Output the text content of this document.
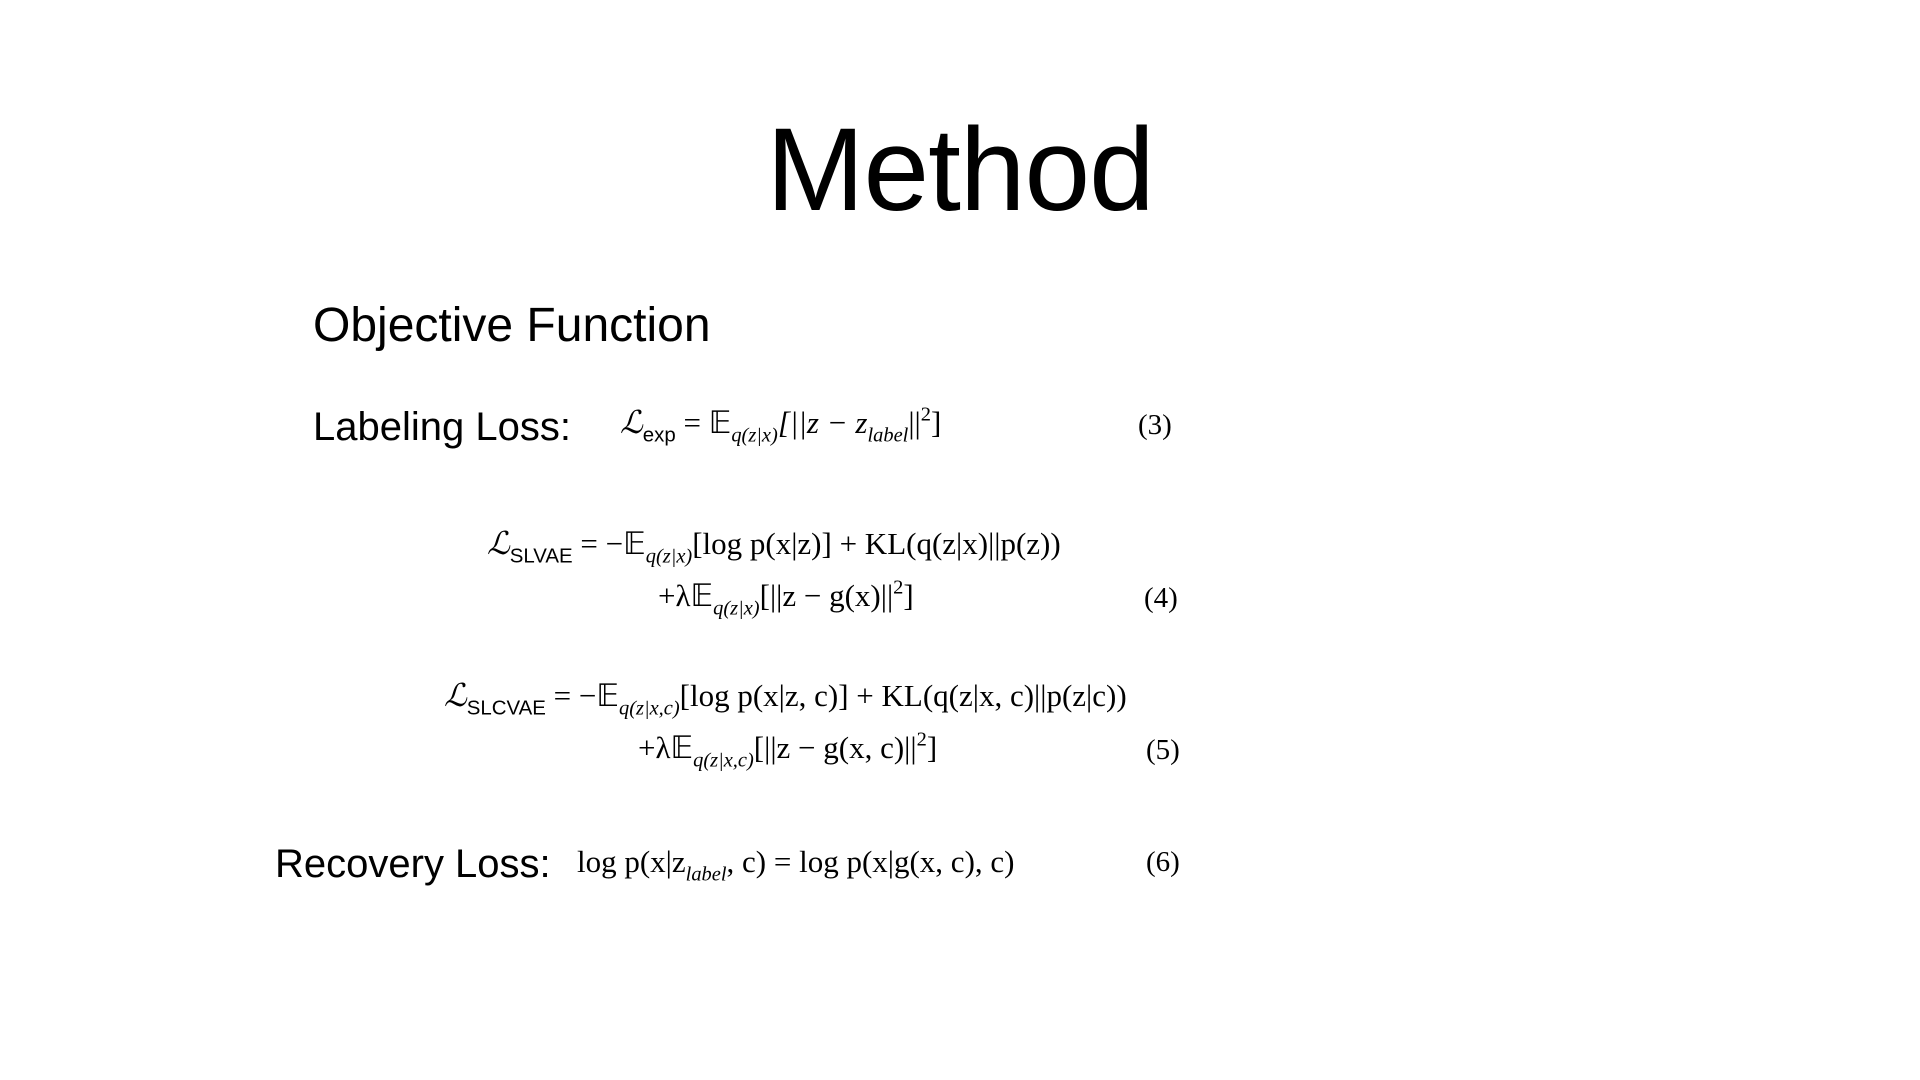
Method
Objective Function
Labeling Loss: ℒ$_{exp}$ = 𝔼$_{q(z|x)}$[||z − $z_{label}||^2$]	(3)
ℒ$_{SLVAE}$ = −𝔼$_{q(z|x)}$[log p(x|z)] + KL(q(z|x)||p(z))
+λ𝔼$_{q(z|x)}$[||z − $g(x)||^2$]	(4)
ℒ$_{SLCVAE}$ = −𝔼$_{q(z|x,c)}$[log p(x|z, c)] + KL(q(z|x, c)||p(z|c))
+λ𝔼$_{q(z|x,c)}$[||z − g(x, $c)||^2$]	(5)
Recovery Loss: $\log p(x|z_{label}$, c) = log p(x|g(x, c), c)	(6)
